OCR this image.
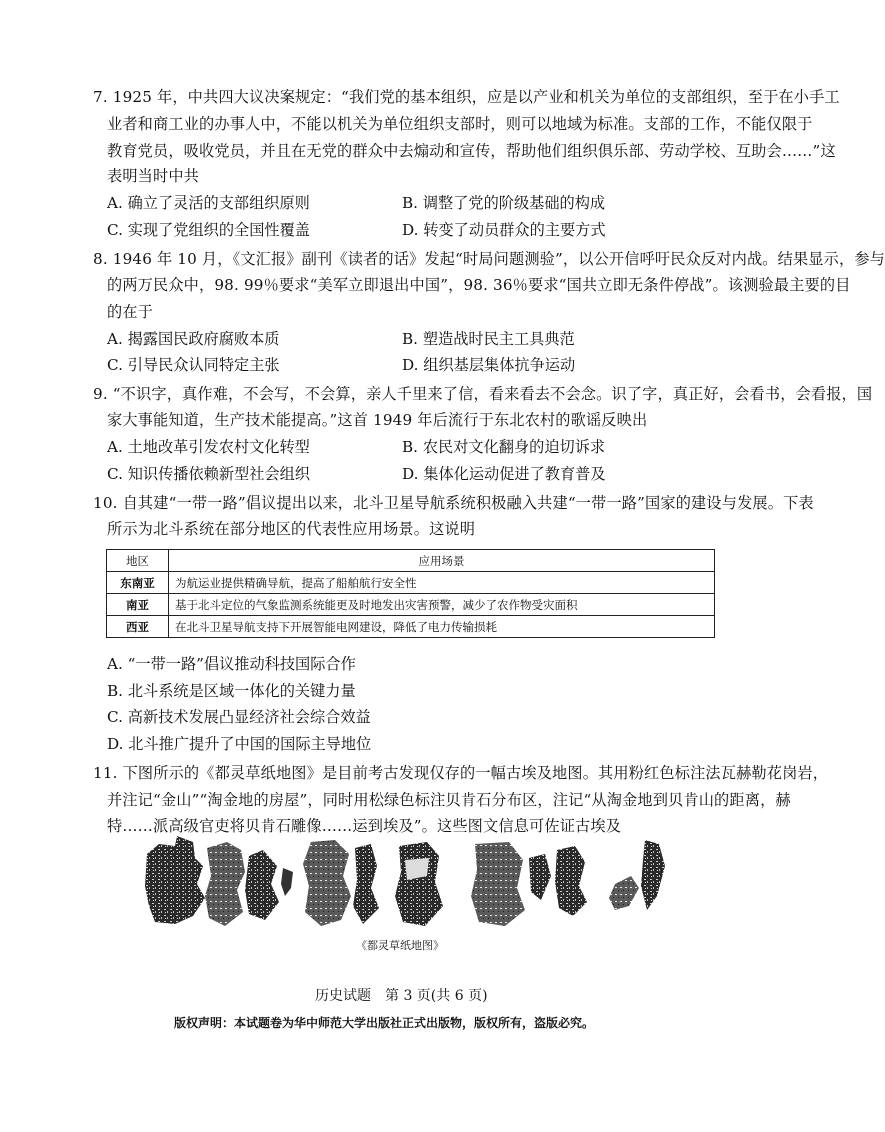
7. 1925 年，中共四大议决案规定：“我们党的基本组织，应是以产业和机关为单位的支部组织，至于在小手工
业者和商工业的办事人中，不能以机关为单位组织支部时，则可以地域为标准。支部的工作，不能仅限于
教育党员，吸收党员，并且在无党的群众中去煽动和宣传，帮助他们组织俱乐部、劳动学校、互助会……”这
表明当时中共
A. 确立了灵活的支部组织原则	B. 调整了党的阶级基础的构成
C. 实现了党组织的全国性覆盖	D. 转变了动员群众的主要方式
8. 1946 年 10 月，《文汇报》副刊《读者的话》发起“时局问题测验”，以公开信呼吁民众反对内战。结果显示，参与
的两万民众中，98. 99％要求“美军立即退出中国”，98. 36％要求“国共立即无条件停战”。该测验最主要的目
的在于
A. 揭露国民政府腐败本质	B. 塑造战时民主工具典范
C. 引导民众认同特定主张	D. 组织基层集体抗争运动
9. “不识字，真作难，不会写，不会算，亲人千里来了信，看来看去不会念。识了字，真正好，会看书，会看报，国
家大事能知道，生产技术能提高。”这首 1949 年后流行于东北农村的歌谣反映出
A. 土地改革引发农村文化转型	B. 农民对文化翻身的迫切诉求
C. 知识传播依赖新型社会组织	D. 集体化运动促进了教育普及
10. 自其建“一带一路”倡议提出以来，北斗卫星导航系统积极融入共建“一带一路”国家的建设与发展。下表
所示为北斗系统在部分地区的代表性应用场景。这说明
地区	应用场景
东南亚	为航运业提供精确导航，提高了船舶航行安全性
南亚	基于北斗定位的气象监测系统能更及时地发出灾害预警，减少了农作物受灾面积
西亚	在北斗卫星导航支持下开展智能电网建设，降低了电力传输损耗
A. “一带一路”倡议推动科技国际合作
B. 北斗系统是区域一体化的关键力量
C. 高新技术发展凸显经济社会综合效益
D. 北斗推广提升了中国的国际主导地位
11. 下图所示的《都灵草纸地图》是目前考古发现仅存的一幅古埃及地图。其用粉红色标注法瓦赫勒花岗岩，
并注记“金山”“淘金地的房屋”，同时用松绿色标注贝肯石分布区，注记“从淘金地到贝肯山的距离，赫
特……派高级官吏将贝肯石雕像……运到埃及”。这些图文信息可佐证古埃及
《都灵草纸地图》
历史试题　第 3 页(共 6 页)
版权声明：本试题卷为华中师范大学出版社正式出版物，版权所有，盗版必究。
